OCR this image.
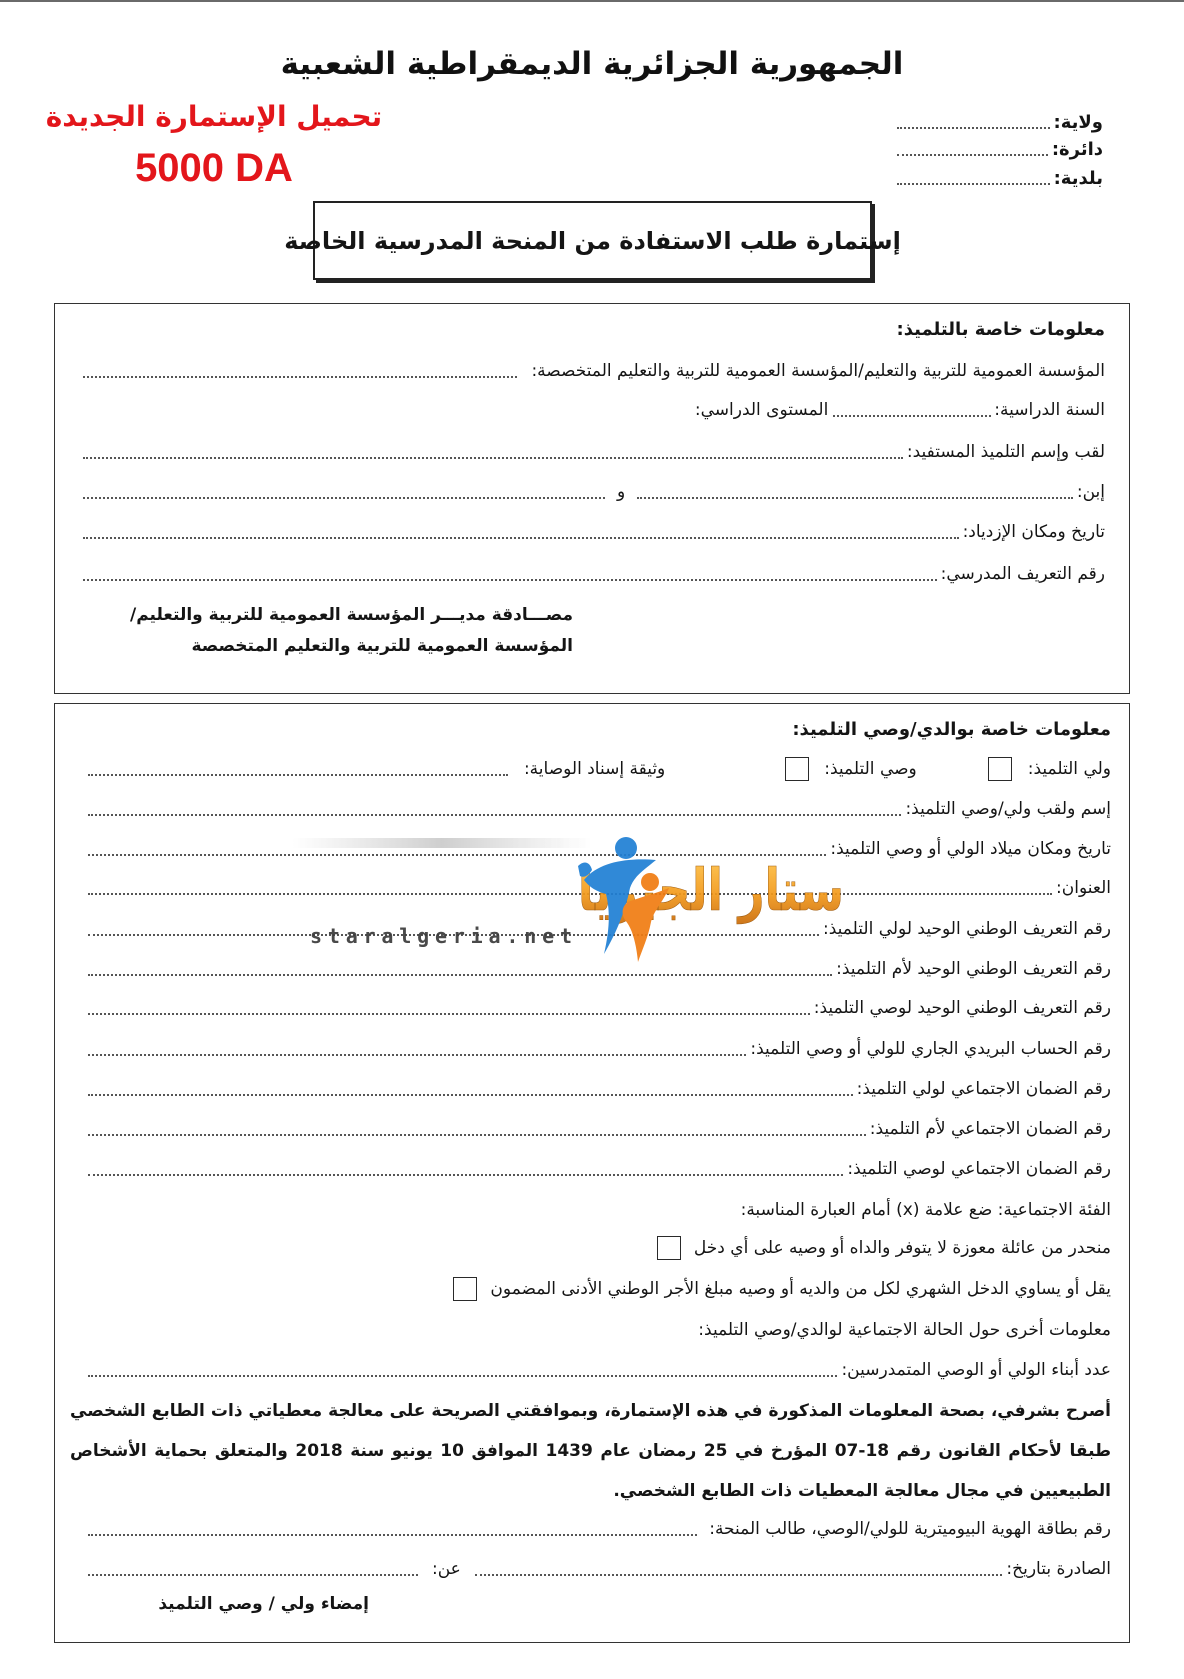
الجمهورية الجزائرية الديمقراطية الشعبية
تحميل الإستمارة الجديدة
5000 DA
ولاية:
دائرة:
بلدية:
إستمارة طلب الاستفادة من المنحة المدرسية الخاصة
معلومات خاصة بالتلميذ:
المؤسسة العمومية للتربية والتعليم/المؤسسة العمومية للتربية والتعليم المتخصصة:
السنة الدراسية:
المستوى الدراسي:
لقب وإسم التلميذ المستفيد:
إبن:
و
تاريخ ومكان الإزدياد:
رقم التعريف المدرسي:
مصـــادقة مديـــر المؤسسة العمومية للتربية والتعليم/
المؤسسة العمومية للتربية والتعليم المتخصصة
معلومات خاصة بوالدي/وصي التلميذ:
ولي التلميذ:
وصي التلميذ:
وثيقة إسناد الوصاية:
إسم ولقب ولي/وصي التلميذ:
تاريخ ومكان ميلاد الولي أو وصي التلميذ:
العنوان:
رقم التعريف الوطني الوحيد لولي التلميذ:
رقم التعريف الوطني الوحيد لأم التلميذ:
رقم التعريف الوطني الوحيد لوصي التلميذ:
رقم الحساب البريدي الجاري للولي أو وصي التلميذ:
رقم الضمان الاجتماعي لولي التلميذ:
رقم الضمان الاجتماعي لأم التلميذ:
رقم الضمان الاجتماعي لوصي التلميذ:
الفئة الاجتماعية: ضع علامة (x) أمام العبارة المناسبة:
منحدر من عائلة معوزة لا يتوفر والداه أو وصيه على أي دخل
يقل أو يساوي الدخل الشهري لكل من والديه أو وصيه مبلغ الأجر الوطني الأدنى المضمون
معلومات أخرى حول الحالة الاجتماعية لوالدي/وصي التلميذ:
عدد أبناء الولي أو الوصي المتمدرسين:
أصرح بشرفي، بصحة المعلومات المذكورة في هذه الإستمارة، وبموافقتي الصريحة على معالجة معطياتي ذات الطابع الشخصي طبقا لأحكام القانون رقم 18-07 المؤرخ في 25 رمضان عام 1439 الموافق 10 يونيو سنة 2018 والمتعلق بحماية الأشخاص الطبيعيين في مجال معالجة المعطيات ذات الطابع الشخصي.
رقم بطاقة الهوية البيوميترية للولي/الوصي، طالب المنحة:
الصادرة بتاريخ:
عن:
إمضاء ولي / وصي التلميذ
ستار الجيريا
staralgeria.net
